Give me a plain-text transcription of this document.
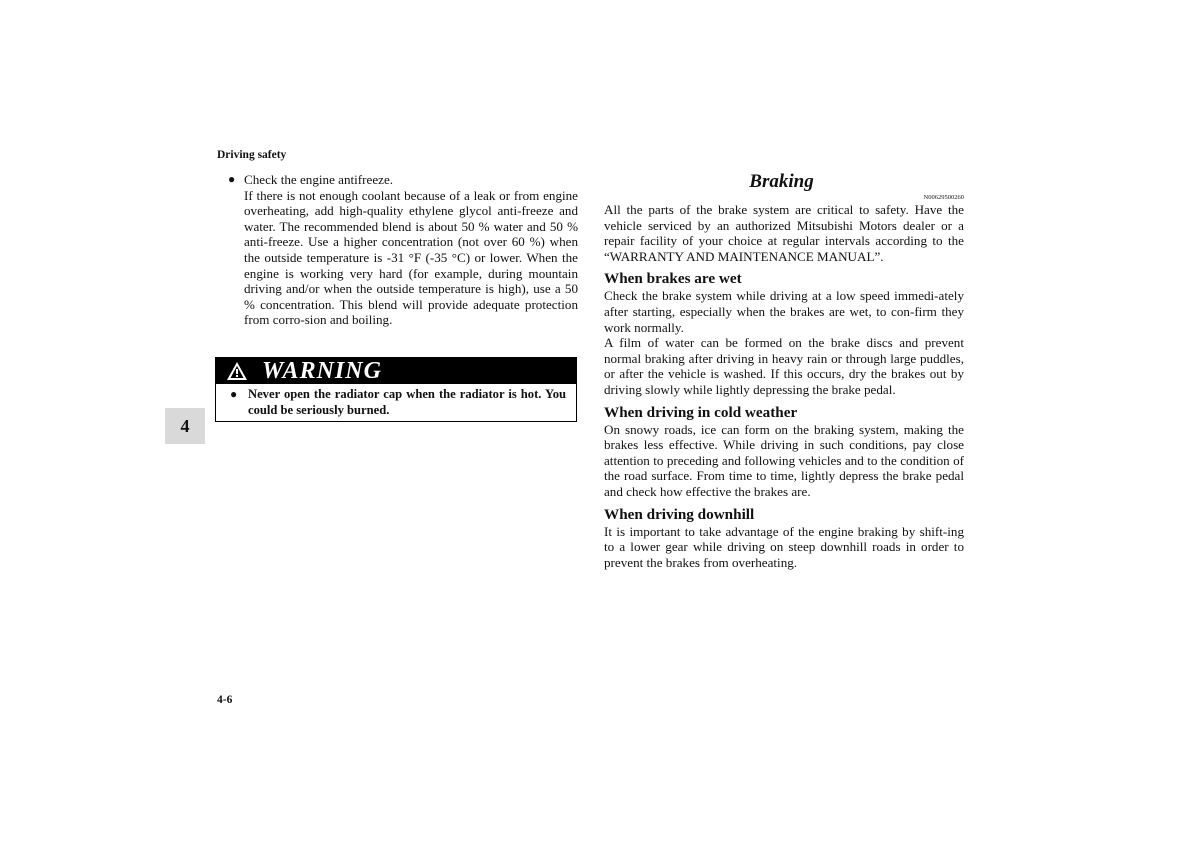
Driving safety
4
● Check the engine antifreeze.
If there is not enough coolant because of a leak or from engine overheating, add high-quality ethylene glycol anti-freeze and water. The recommended blend is about 50 % water and 50 % anti-freeze. Use a higher concentration (not over 60 %) when the outside temperature is -31 °F (-35 °C) or lower. When the engine is working very hard (for example, during mountain driving and/or when the outside temperature is high), use a 50 % concentration. This blend will provide adequate protection from corro-sion and boiling.
WARNING
● Never open the radiator cap when the radiator is hot. You could be seriously burned.
Braking
N00629500260
All the parts of the brake system are critical to safety. Have the vehicle serviced by an authorized Mitsubishi Motors dealer or a repair facility of your choice at regular intervals according to the “WARRANTY AND MAINTENANCE MANUAL”.
When brakes are wet
Check the brake system while driving at a low speed immedi-ately after starting, especially when the brakes are wet, to con-firm they work normally.
A film of water can be formed on the brake discs and prevent normal braking after driving in heavy rain or through large puddles, or after the vehicle is washed. If this occurs, dry the brakes out by driving slowly while lightly depressing the brake pedal.
When driving in cold weather
On snowy roads, ice can form on the braking system, making the brakes less effective. While driving in such conditions, pay close attention to preceding and following vehicles and to the condition of the road surface. From time to time, lightly depress the brake pedal and check how effective the brakes are.
When driving downhill
It is important to take advantage of the engine braking by shift-ing to a lower gear while driving on steep downhill roads in order to prevent the brakes from overheating.
4-6
